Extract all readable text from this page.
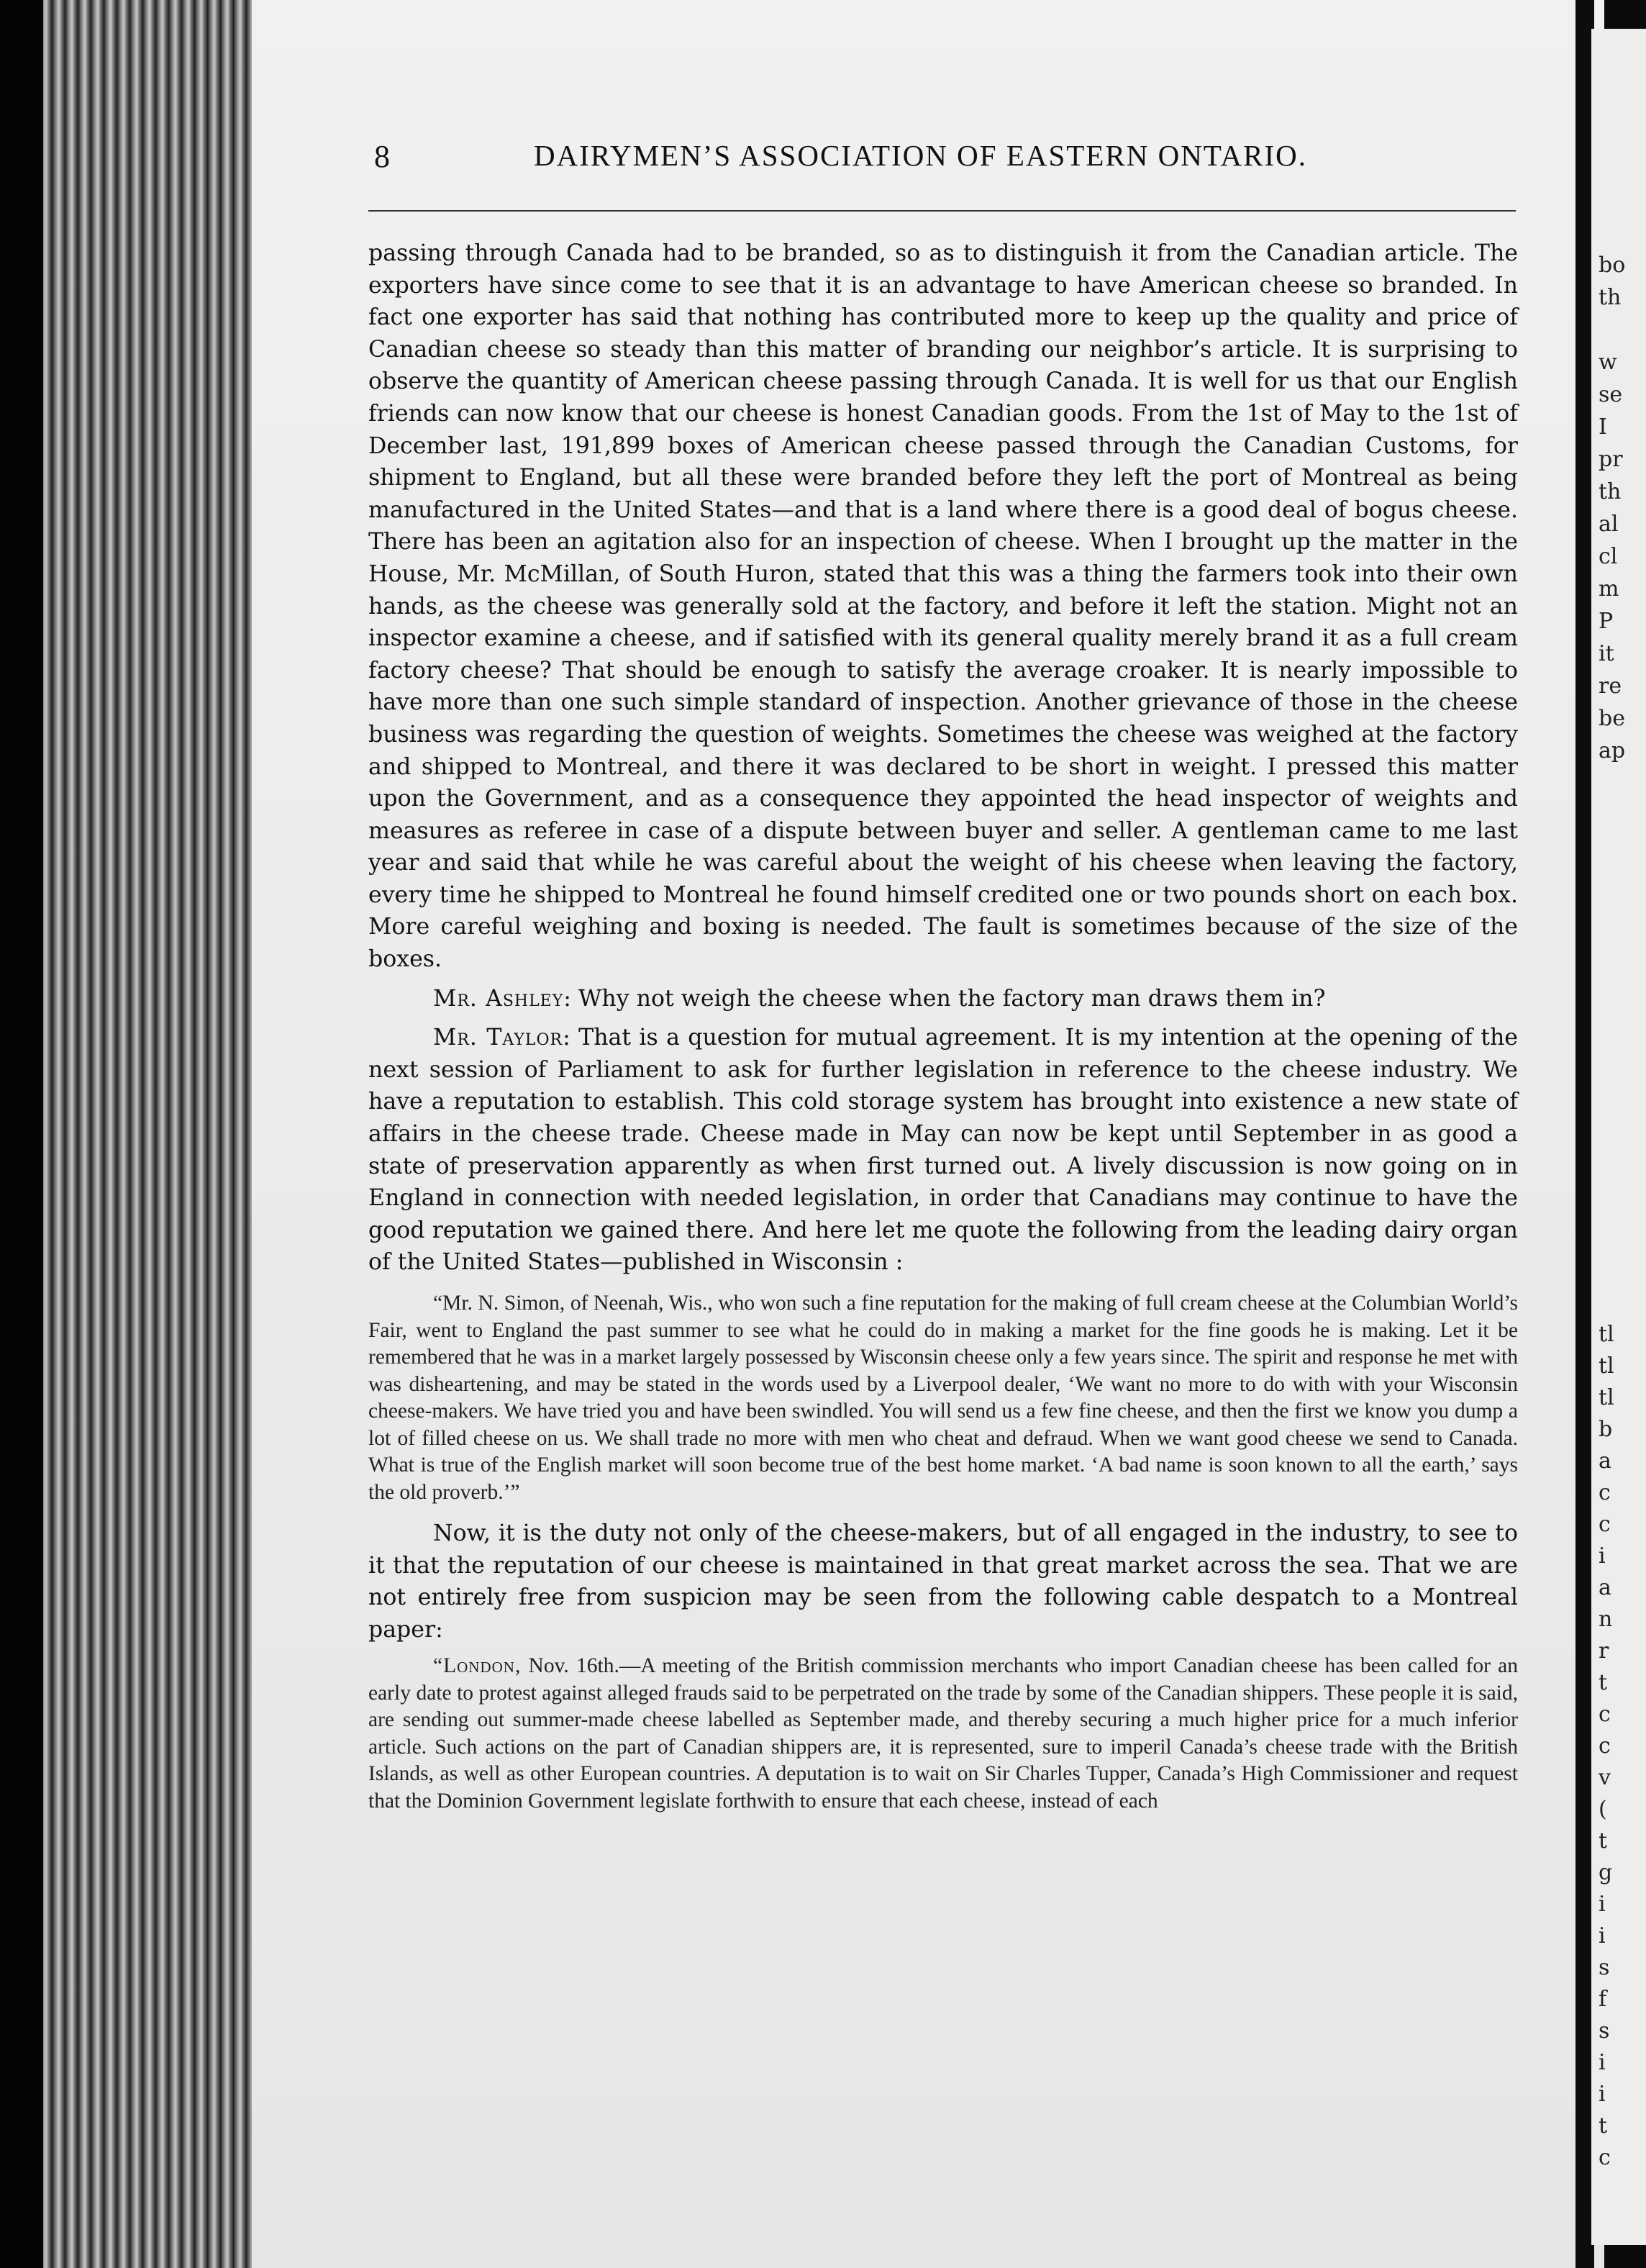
8	DAIRYMEN’S ASSOCIATION OF EASTERN ONTARIO.

passing through Canada had to be branded, so as to distinguish it from the Canadian article. The exporters have since come to see that it is an advantage to have American cheese so branded. In fact one exporter has said that nothing has contributed more to keep up the quality and price of Canadian cheese so steady than this matter of branding our neighbor’s article. It is surprising to observe the quantity of American cheese passing through Canada. It is well for us that our English friends can now know that our cheese is honest Canadian goods. From the 1st of May to the 1st of December last, 191,899 boxes of American cheese passed through the Canadian Customs, for shipment to England, but all these were branded before they left the port of Montreal as being manufactured in the United States—and that is a land where there is a good deal of bogus cheese. There has been an agitation also for an inspection of cheese. When I brought up the matter in the House, Mr. McMillan, of South Huron, stated that this was a thing the farmers took into their own hands, as the cheese was generally sold at the factory, and before it left the station. Might not an inspector examine a cheese, and if satisfied with its general quality merely brand it as a full cream factory cheese? That should be enough to satisfy the average croaker. It is nearly impossible to have more than one such simple standard of inspection. Another grievance of those in the cheese business was regarding the question of weights. Sometimes the cheese was weighed at the factory and shipped to Montreal, and there it was declared to be short in weight. I pressed this matter upon the Government, and as a consequence they appointed the head inspector of weights and measures as referee in case of a dispute between buyer and seller. A gentleman came to me last year and said that while he was careful about the weight of his cheese when leaving the factory, every time he shipped to Montreal he found himself credited one or two pounds short on each box. More careful weighing and boxing is needed. The fault is sometimes because of the size of the boxes.

Mr. Ashley: Why not weigh the cheese when the factory man draws them in?

Mr. Taylor: That is a question for mutual agreement. It is my intention at the opening of the next session of Parliament to ask for further legislation in reference to the cheese industry. We have a reputation to establish. This cold storage system has brought into existence a new state of affairs in the cheese trade. Cheese made in May can now be kept until September in as good a state of preservation apparently as when first turned out. A lively discussion is now going on in England in connection with needed legislation, in order that Canadians may continue to have the good reputation we gained there. And here let me quote the following from the leading dairy organ of the United States—published in Wisconsin :

“Mr. N. Simon, of Neenah, Wis., who won such a fine reputation for the making of full cream cheese at the Columbian World’s Fair, went to England the past summer to see what he could do in making a market for the fine goods he is making. Let it be remembered that he was in a market largely possessed by Wisconsin cheese only a few years since. The spirit and response he met with was disheartening, and may be stated in the words used by a Liverpool dealer, ‘We want no more to do with with your Wisconsin cheese-makers. We have tried you and have been swindled. You will send us a few fine cheese, and then the first we know you dump a lot of filled cheese on us. We shall trade no more with men who cheat and defraud. When we want good cheese we send to Canada. What is true of the English market will soon become true of the best home market. ‘A bad name is soon known to all the earth,’ says the old proverb.’”

Now, it is the duty not only of the cheese-makers, but of all engaged in the industry, to see to it that the reputation of our cheese is maintained in that great market across the sea. That we are not entirely free from suspicion may be seen from the following cable despatch to a Montreal paper:

“London, Nov. 16th.—A meeting of the British commission merchants who import Canadian cheese has been called for an early date to protest against alleged frauds said to be perpetrated on the trade by some of the Canadian shippers. These people it is said, are sending out summer-made cheese labelled as September made, and thereby securing a much higher price for a much inferior article. Such actions on the part of Canadian shippers are, it is represented, sure to imperil Canada’s cheese trade with the British Islands, as well as other European countries. A deputation is to wait on Sir Charles Tupper, Canada’s High Commissioner and request that the Dominion Government legislate forthwith to ensure that each cheese, instead of each

bo
th
w
se
I
pr
th
al
cl
m
P
it
re
be
ap
tl
tl
tl
b
a
c
c
i
a
n
r
t
c
c
v
(
t
g
i
i
s
f
s
i
i
t
c
